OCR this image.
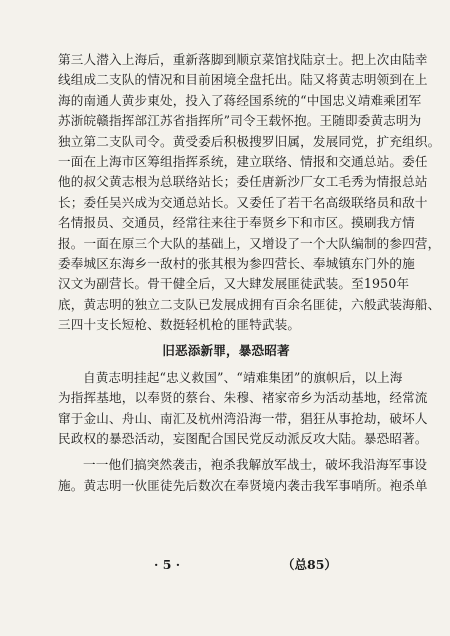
第三人潜入上海后，重新落脚到顺京菜馆找陆京士。把上次由陆幸
线组成二支队的情况和目前困境全盘托出。陆又将黄志明领到在上
海的南通人黄步東处，投入了蒋经国系统的“中国忠义靖难乘团军
苏浙皖赣指挥部江苏省指挥所”司令王载怀抱。王随即委黄志明为
独立第二支队司令。黄受委后积极搜罗旧属，发展同党，扩充组织。
一面在上海市区筹组指挥系统，建立联络、情报和交通总站。委任
他的叔父黄志根为总联络站长；委任唐新沙厂女工毛秀为情报总站
长；委任吴兴成为交通总站长。又委任了若干名高级联络员和敌十
名情报员、交通员，经常往来往于奉贤乡下和市区。摸刷我方情
报。一面在原三个大队的基础上，又增设了一个大队编制的参四营，
委奉城区东海乡一敌村的张其根为参四营长、奉城镇东门外的施
汉文为副营长。骨干健全后，又大肆发展匪徒武装。至1950年
底，黄志明的独立二支队已发展成拥有百余名匪徒，六般武装海船、
三四十支长短枪、数挺轻机枪的匪特武装。
旧恶添新罪，暴恐昭著
自黄志明挂起“忠义救国”、“靖难集团”的旗帜后，以上海
为指挥基地，以奉贤的蔡台、朱穆、褚家帝乡为活动基地，经常流
窜于金山、舟山、南汇及杭州湾沿海一带，猖狂从事抢劫，破坏人
民政权的暴恐活动，妄图配合国民党反动派反攻大陆。暴恐昭著。
一一他们搞突然袭击，袍杀我解放军战士，破坏我沿海军事设
施。黄志明一伙匪徒先后数次在奉贤境内袭击我军事哨所。袍杀单
· 5 ·	（总85）
